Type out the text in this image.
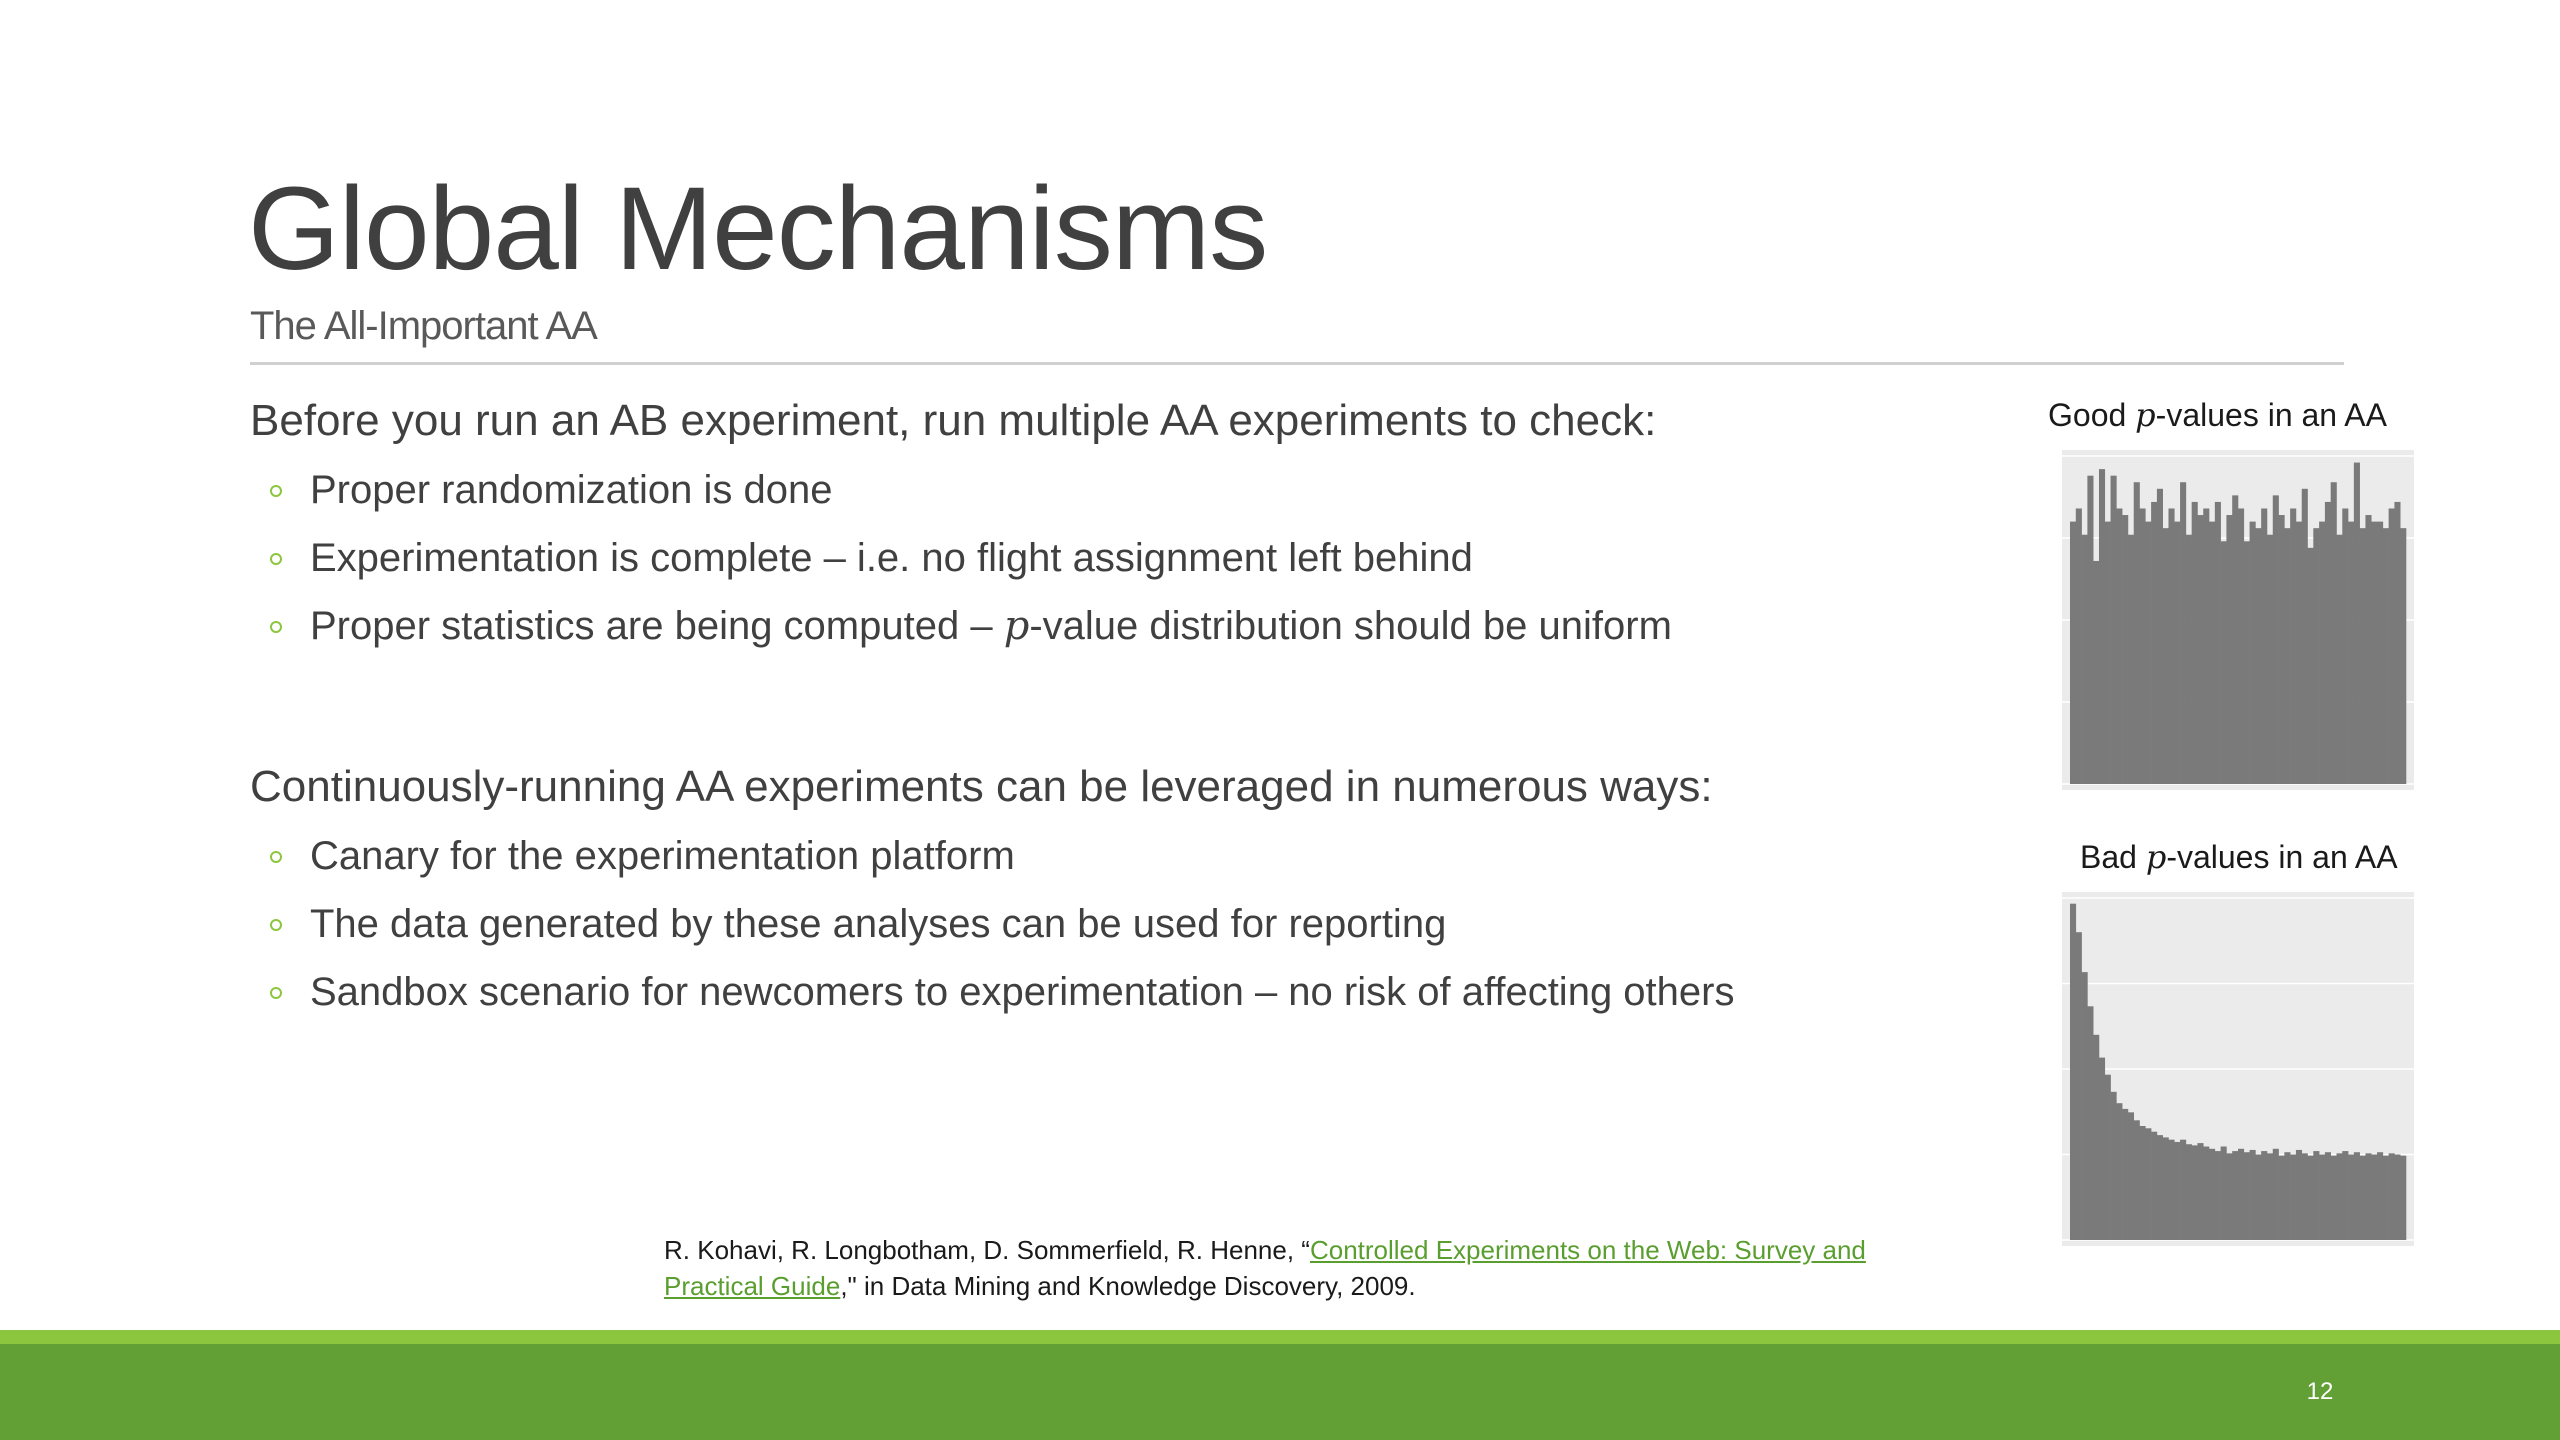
Global Mechanisms
The All-Important AA
Before you run an AB experiment, run multiple AA experiments to check:
Proper randomization is done
Experimentation is complete – i.e. no flight assignment left behind
Proper statistics are being computed – p-value distribution should be uniform
Continuously-running AA experiments can be leveraged in numerous ways:
Canary for the experimentation platform
The data generated by these analyses can be used for reporting
Sandbox scenario for newcomers to experimentation – no risk of affecting others
Good p-values in an AA
Bad p-values in an AA
R. Kohavi, R. Longbotham, D. Sommerfield, R. Henne, “Controlled Experiments on the Web: Survey and Practical Guide," in Data Mining and Knowledge Discovery, 2009.
12
